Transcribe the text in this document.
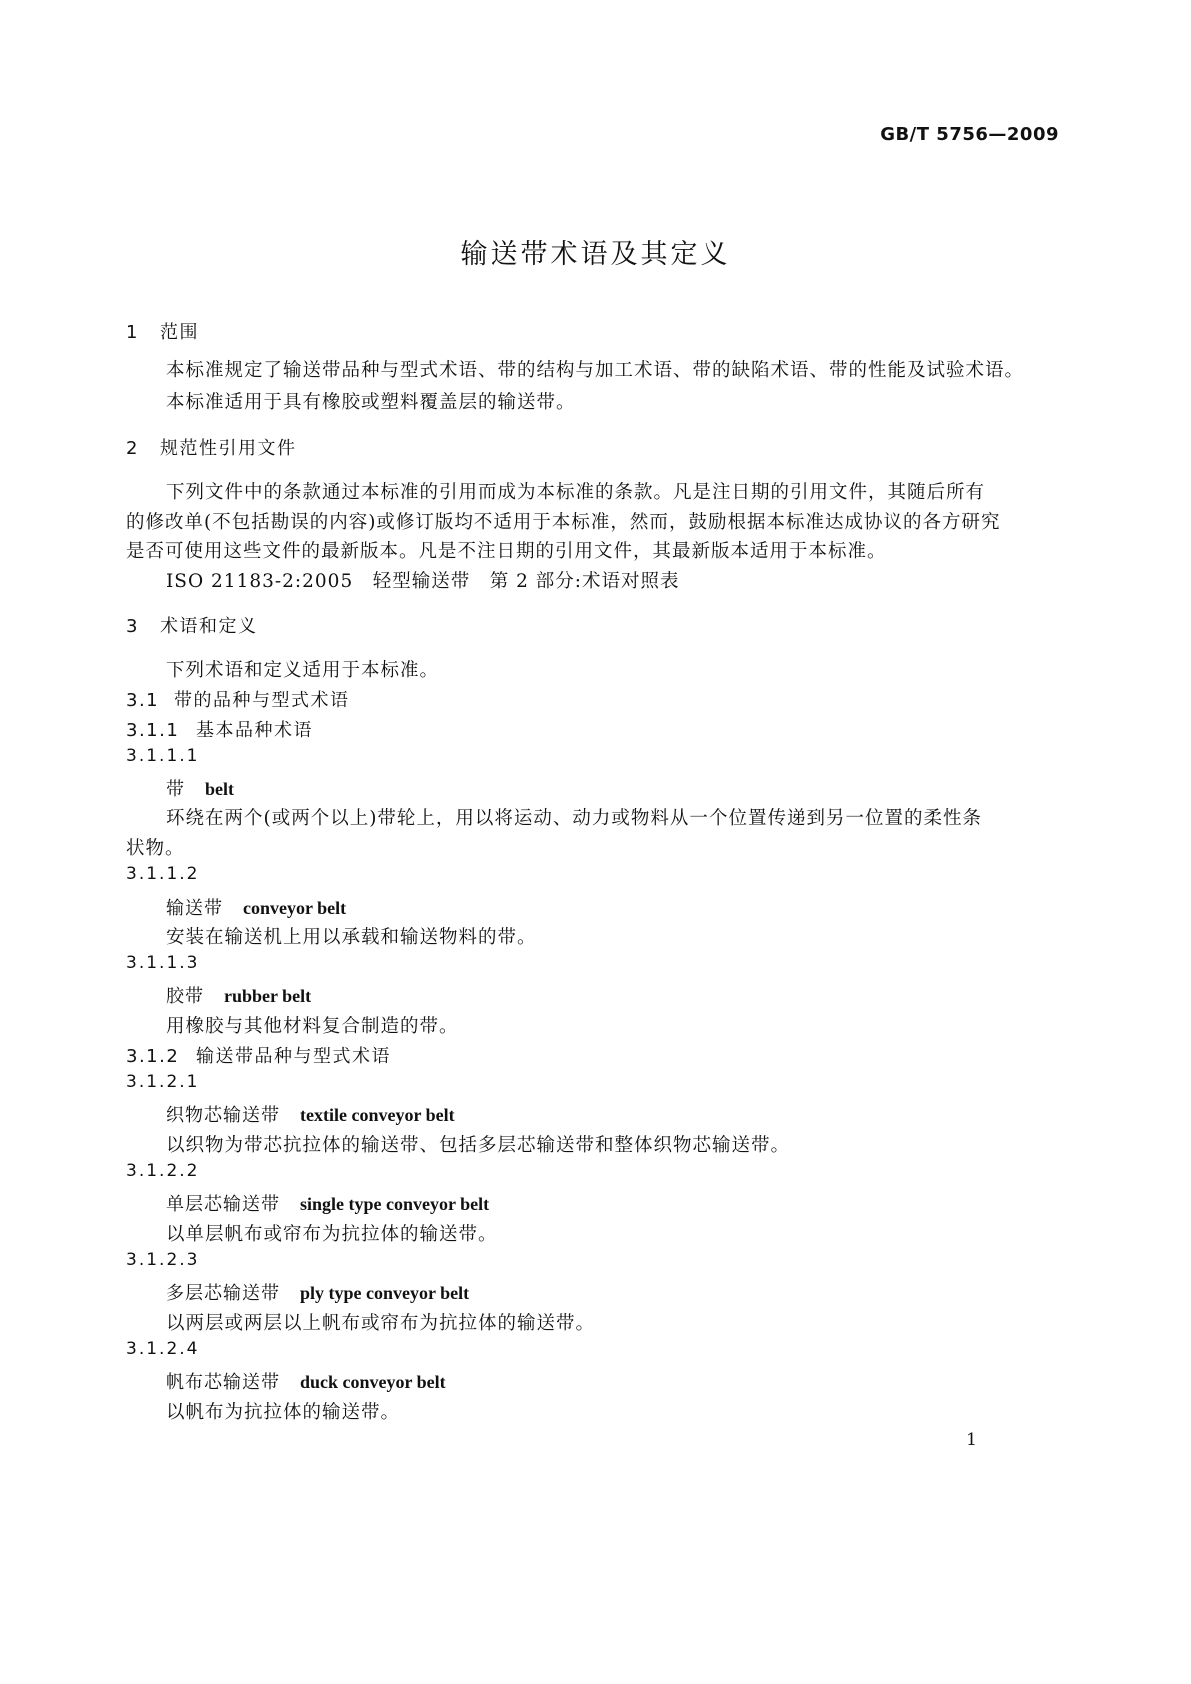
GB/T 5756—2009
输送带术语及其定义
1 范围
本标准规定了输送带品种与型式术语、带的结构与加工术语、带的缺陷术语、带的性能及试验术语。
本标准适用于具有橡胶或塑料覆盖层的输送带。
2 规范性引用文件
下列文件中的条款通过本标准的引用而成为本标准的条款。凡是注日期的引用文件，其随后所有
的修改单(不包括勘误的内容)或修订版均不适用于本标准，然而，鼓励根据本标准达成协议的各方研究
是否可使用这些文件的最新版本。凡是不注日期的引用文件，其最新版本适用于本标准。
ISO 21183-2:2005　轻型输送带　第 2 部分:术语对照表
3 术语和定义
下列术语和定义适用于本标准。
3.1 带的品种与型式术语
3.1.1 基本品种术语
3.1.1.1
带 belt
环绕在两个(或两个以上)带轮上，用以将运动、动力或物料从一个位置传递到另一位置的柔性条
状物。
3.1.1.2
输送带 conveyor belt
安装在输送机上用以承载和输送物料的带。
3.1.1.3
胶带 rubber belt
用橡胶与其他材料复合制造的带。
3.1.2 输送带品种与型式术语
3.1.2.1
织物芯输送带 textile conveyor belt
以织物为带芯抗拉体的输送带、包括多层芯输送带和整体织物芯输送带。
3.1.2.2
单层芯输送带 single type conveyor belt
以单层帆布或帘布为抗拉体的输送带。
3.1.2.3
多层芯输送带 ply type conveyor belt
以两层或两层以上帆布或帘布为抗拉体的输送带。
3.1.2.4
帆布芯输送带 duck conveyor belt
以帆布为抗拉体的输送带。
1
